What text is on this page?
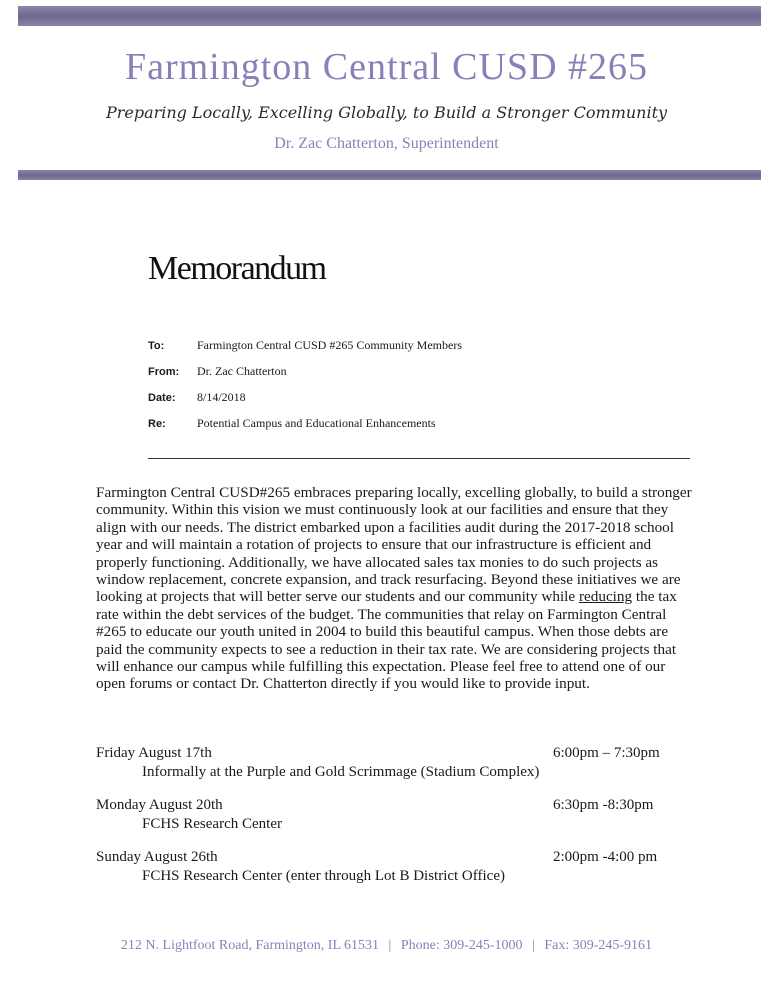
Farmington Central CUSD #265
Preparing Locally, Excelling Globally, to Build a Stronger Community
Dr. Zac Chatterton, Superintendent
Memorandum
To:	Farmington Central CUSD #265 Community Members
From: Dr. Zac Chatterton
Date: 8/14/2018
Re:	Potential Campus and Educational Enhancements
Farmington Central CUSD#265 embraces preparing locally, excelling globally, to build a stronger community. Within this vision we must continuously look at our facilities and ensure that they align with our needs. The district embarked upon a facilities audit during the 2017-2018 school year and will maintain a rotation of projects to ensure that our infrastructure is efficient and properly functioning. Additionally, we have allocated sales tax monies to do such projects as window replacement, concrete expansion, and track resurfacing. Beyond these initiatives we are looking at projects that will better serve our students and our community while reducing the tax rate within the debt services of the budget. The communities that relay on Farmington Central #265 to educate our youth united in 2004 to build this beautiful campus. When those debts are paid the community expects to see a reduction in their tax rate. We are considering projects that will enhance our campus while fulfilling this expectation. Please feel free to attend one of our open forums or contact Dr. Chatterton directly if you would like to provide input.
Friday August 17th	6:00pm – 7:30pm
Informally at the Purple and Gold Scrimmage (Stadium Complex)
Monday August 20th	6:30pm -8:30pm
FCHS Research Center
Sunday August 26th	2:00pm -4:00 pm
FCHS Research Center (enter through Lot B District Office)
212 N. Lightfoot Road, Farmington, IL 61531 | Phone: 309-245-1000 | Fax: 309-245-9161
